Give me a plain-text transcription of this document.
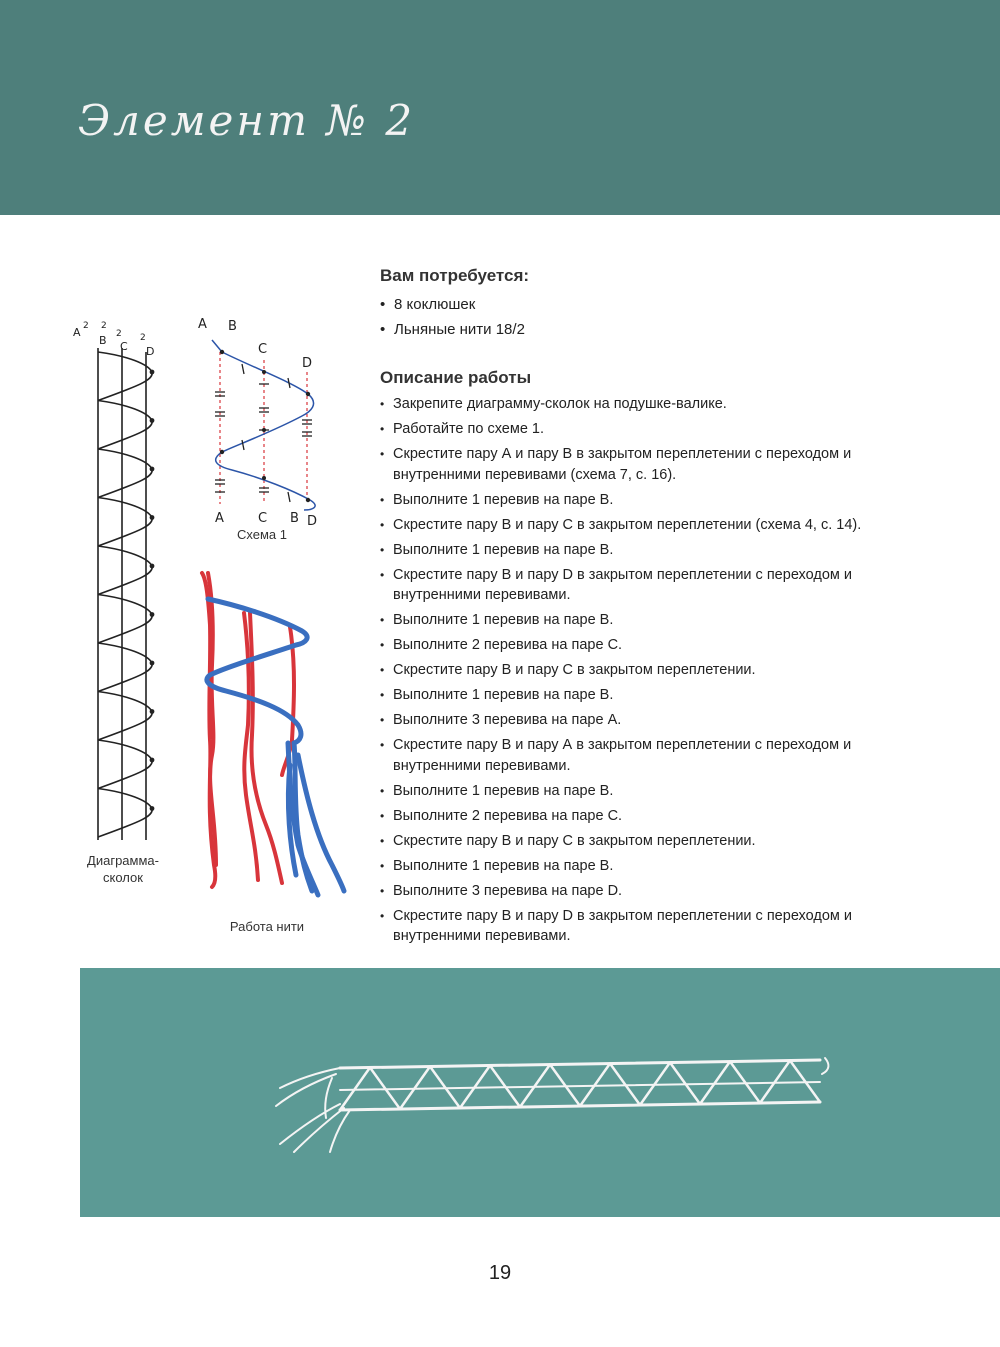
Элемент № 2
A 2 2
B 2
C
2
D
Диаграмма-
сколок
A B
C
D
A	C B D
Схема 1
Работа нити
Вам потребуется:
• 8 коклюшек
• Льняные нити 18/2
Описание работы
• Закрепите диаграмму-сколок на подушке-валике.
• Работайте по схеме 1.
• Скрестите пару А и пару В в закрытом переплетении с переходом и внутренними перевивами (схема 7, с. 16).
• Выполните 1 перевив на паре В.
• Скрестите пару В и пару С в закрытом переплетении (схема 4, с. 14).
• Выполните 1 перевив на паре В.
• Скрестите пару В и пару D в закрытом переплетении с переходом и внутренними перевивами.
• Выполните 1 перевив на паре В.
• Выполните 2 перевива на паре С.
• Скрестите пару В и пару С в закрытом переплетении.
• Выполните 1 перевив на паре В.
• Выполните 3 перевива на паре А.
• Скрестите пару В и пару А в закрытом переплетении с переходом и внутренними перевивами.
• Выполните 1 перевив на паре В.
• Выполните 2 перевива на паре С.
• Скрестите пару В и пару С в закрытом переплетении.
• Выполните 1 перевив на паре В.
• Выполните 3 перевива на паре D.
• Скрестите пару В и пару D в закрытом переплетении с переходом и внутренними перевивами.
19
